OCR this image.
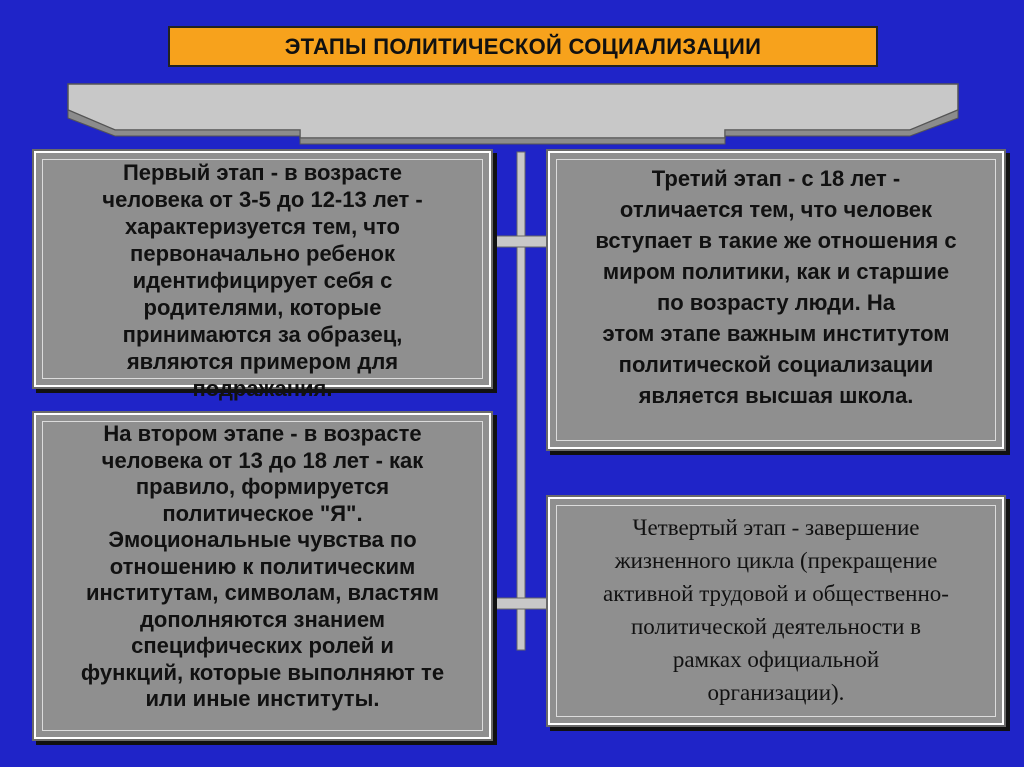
ЭТАПЫ ПОЛИТИЧЕСКОЙ СОЦИАЛИЗАЦИИ

Первый этап - в возрасте
человека от 3-5 до 12-13 лет -
характеризуется тем, что
первоначально ребенок
идентифицирует себя с
родителями, которые
принимаются за образец,
являются примером для
подражания.

На втором этапе - в возрасте
человека от 13 до 18 лет - как
правило, формируется
политическое "Я".
Эмоциональные чувства по
отношению к политическим
институтам, символам, властям
дополняются знанием
специфических ролей и
функций, которые выполняют те
или иные институты.

Третий этап - с 18 лет -
отличается тем, что человек
вступает в такие же отношения с
миром политики, как и старшие
по возрасту люди. На
этом этапе важным институтом
политической социализации
является высшая школа.

Четвертый этап - завершение
жизненного цикла (прекращение
активной трудовой и общественно-
политической деятельности в
рамках официальной
организации).
